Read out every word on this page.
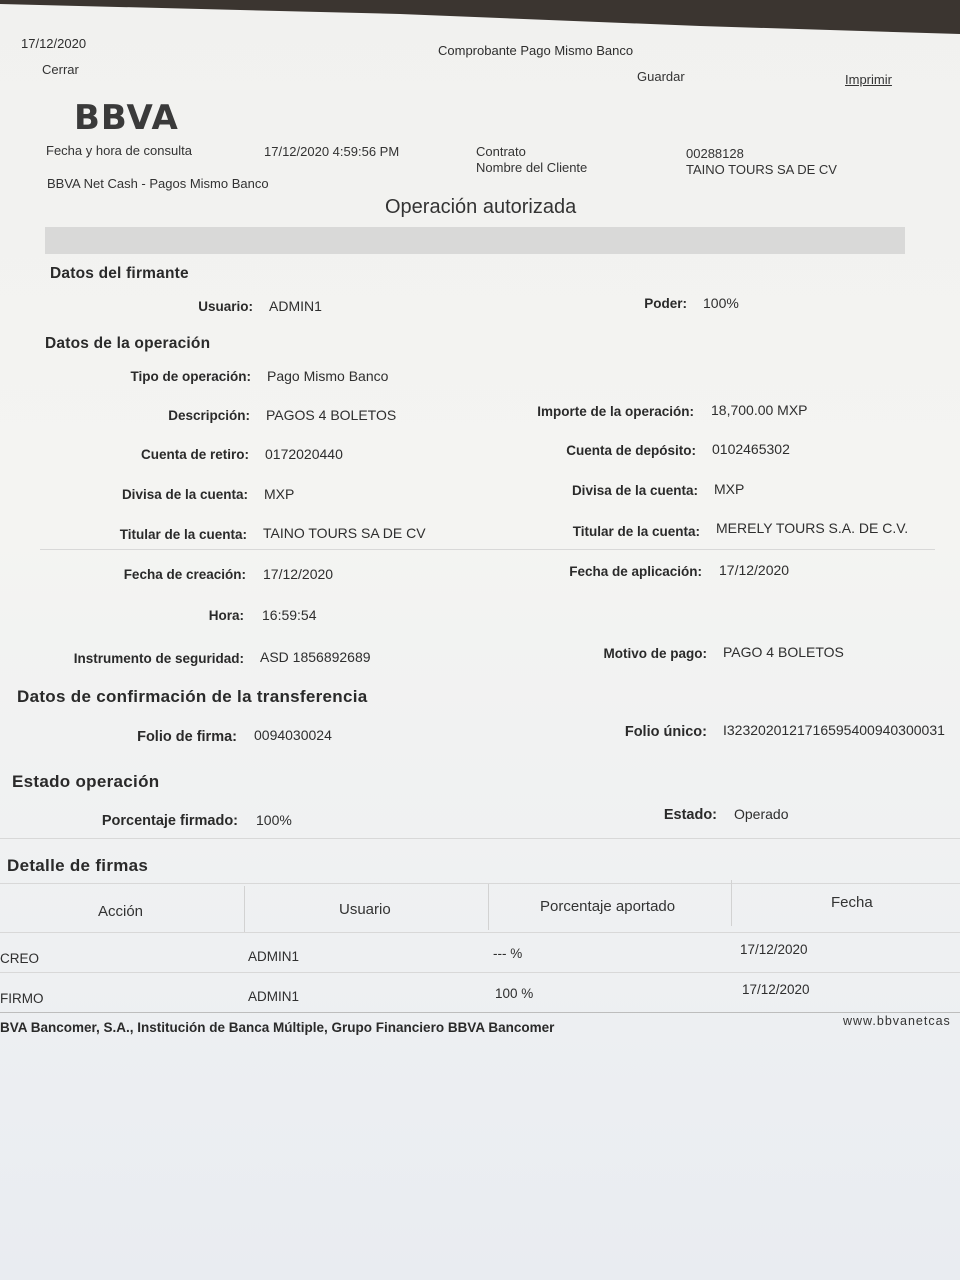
17/12/2020	Comprobante Pago Mismo Banco
Cerrar	Guardar	Imprimir
BBVA
Fecha y hora de consulta	17/12/2020 4:59:56 PM	Contrato	00288128
Nombre del Cliente	TAINO TOURS SA DE CV
BBVA Net Cash - Pagos Mismo Banco
Operación autorizada
Datos del firmante
Usuario: ADMIN1	Poder: 100%
Datos de la operación
Tipo de operación: Pago Mismo Banco
Descripción: PAGOS 4 BOLETOS	Importe de la operación: 18,700.00 MXP
Cuenta de retiro: 0172020440	Cuenta de depósito: 0102465302
Divisa de la cuenta: MXP	Divisa de la cuenta: MXP
Titular de la cuenta: TAINO TOURS SA DE CV	Titular de la cuenta: MERELY TOURS S.A. DE C.V.
Fecha de creación: 17/12/2020	Fecha de aplicación: 17/12/2020
Hora: 16:59:54
Instrumento de seguridad: ASD 1856892689	Motivo de pago: PAGO 4 BOLETOS
Datos de confirmación de la transferencia
Folio de firma: 0094030024	Folio único: I3232020121716595400940300031
Estado operación
Porcentaje firmado: 100%	Estado: Operado
Detalle de firmas
Acción	Usuario	Porcentaje aportado	Fecha
CREO	ADMIN1	--- %	17/12/2020
FIRMO	ADMIN1	100 %	17/12/2020
BVA Bancomer, S.A., Institución de Banca Múltiple, Grupo Financiero BBVA Bancomer	www.bbvanetcas
